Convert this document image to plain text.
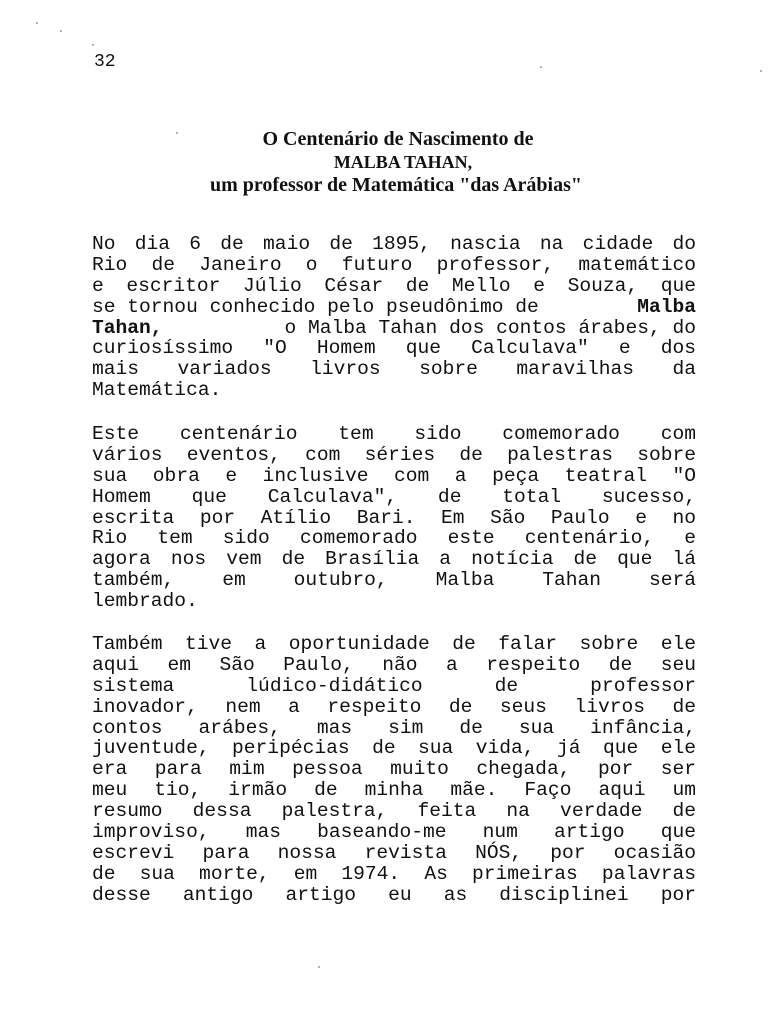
32
O Centenário de Nascimento de
MALBA TAHAN,
um professor de Matemática "das Arábias"
No dia 6 de maio de 1895, nascia na cidade do
Rio de Janeiro o futuro professor, matemático
e escritor Júlio César de Mello e Souza, que
se tornou conhecido pelo pseudônimo de	Malba
Tahan,	o Malba Tahan dos contos árabes, do
curiosíssimo "O Homem que Calculava" e dos
mais variados livros sobre maravilhas da
Matemática.
Este centenário tem sido comemorado com
vários eventos, com séries de palestras sobre
sua obra e inclusive com a peça teatral "O
Homem que Calculava", de total sucesso,
escrita por Atílio Bari. Em São Paulo e no
Rio tem sido comemorado este centenário, e
agora nos vem de Brasília a notícia de que lá
também, em outubro, Malba Tahan será
lembrado.
Também tive a oportunidade de falar sobre ele
aqui em São Paulo, não a respeito de seu
sistema lúdico-didático de professor
inovador, nem a respeito de seus livros de
contos arábes, mas sim de sua infância,
juventude, peripécias de sua vida, já que ele
era para mim pessoa muito chegada, por ser
meu tio, irmão de minha mãe. Faço aqui um
resumo dessa palestra, feita na verdade de
improviso, mas baseando-me num artigo que
escrevi para nossa revista NÓS, por ocasião
de sua morte, em 1974. As primeiras palavras
desse antigo artigo eu as disciplinei por
